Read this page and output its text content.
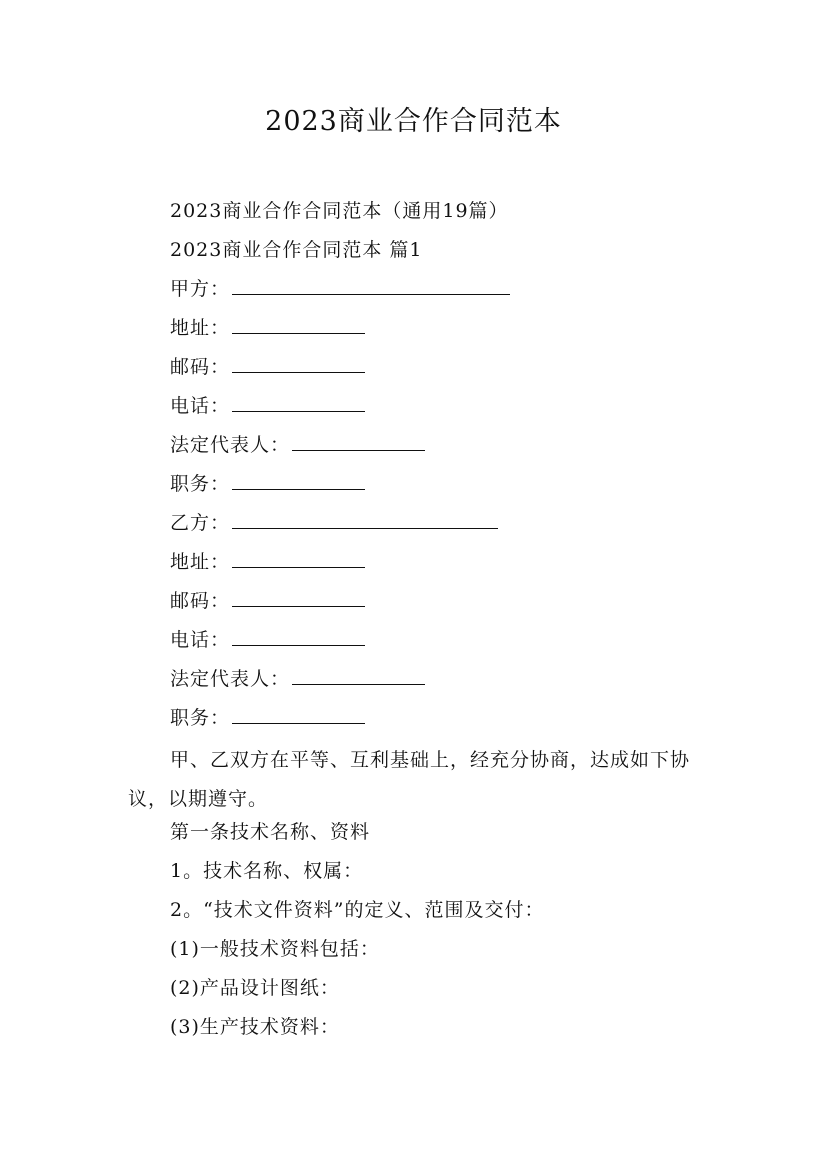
2023商业合作合同范本
2023商业合作合同范本（通用19篇）
2023商业合作合同范本 篇1
甲方：
地址：
邮码：
电话：
法定代表人：
职务：
乙方：
地址：
邮码：
电话：
法定代表人：
职务：
甲、乙双方在平等、互利基础上，经充分协商，达成如下协议，以期遵守。
第一条技术名称、资料
1。技术名称、权属：
2。“技术文件资料”的定义、范围及交付：
(1)一般技术资料包括：
(2)产品设计图纸：
(3)生产技术资料：
